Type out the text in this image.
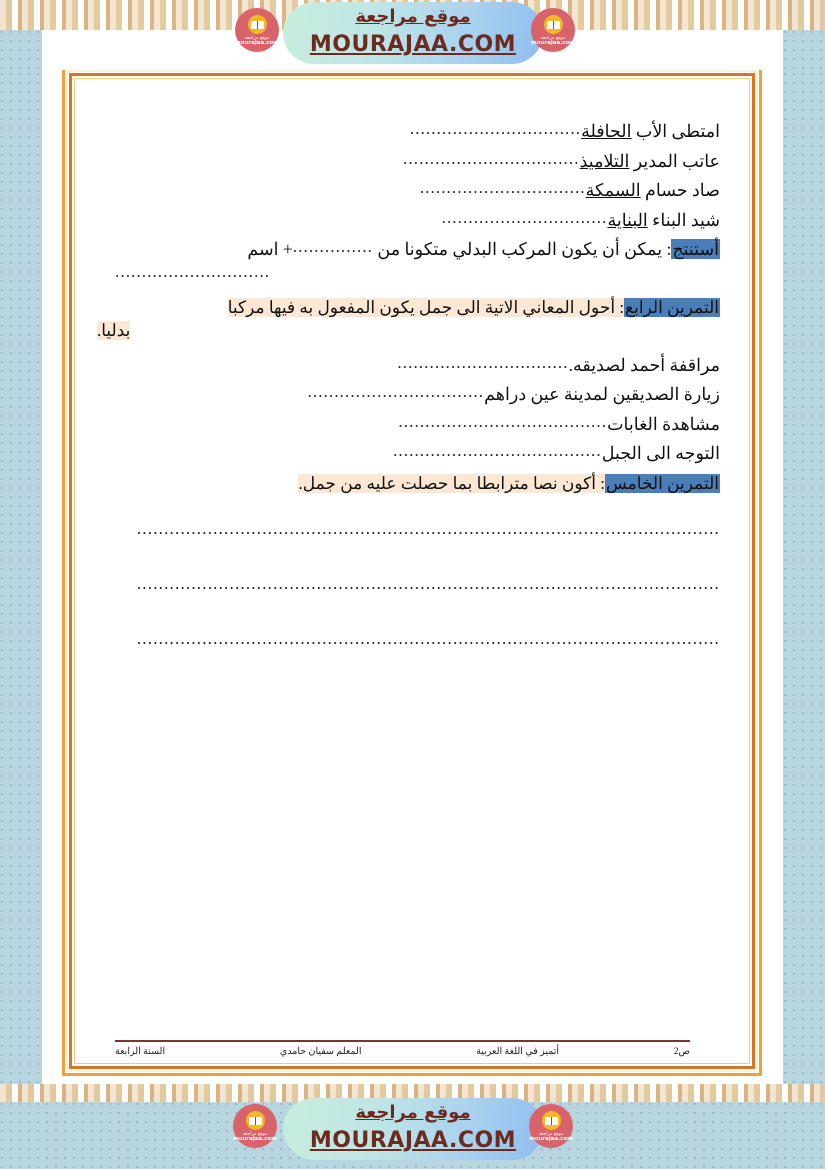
موقع مراجعة
mourajaa.com
موقع مراجعة
mourajaa.com
موقع مراجعة
MOURAJAA.COM
امتطى الأب الحافلة................................
عاتب المدير التلاميذ.................................
صاد حسام السمكة...............................
شيد البناء البناية...............................
أستنتج: يمكن أن يكون المركب البدلي متكونا من ...............+ اسم
.............................
التمرين الرابع: أحول المعاني الاتية الى جمل يكون المفعول به فيها مركبا
بدليا.
مراقفة أحمد لصديقه.................................
زيارة الصديقين لمدينة عين دراهم.................................
مشاهدة الغابات.......................................
التوجه الى الجبل.......................................
التمرين الخامس: أكون نصا مترابطا بما حصلت عليه من جمل.
...........................................................................................................
...........................................................................................................
...........................................................................................................
ص2
أتميز في اللغة العربية
المعلم سفيان حامدي
السنة الرابعة
موقع مراجعة
mourajaa.com
موقع مراجعة
mourajaa.com
موقع مراجعة
MOURAJAA.COM
